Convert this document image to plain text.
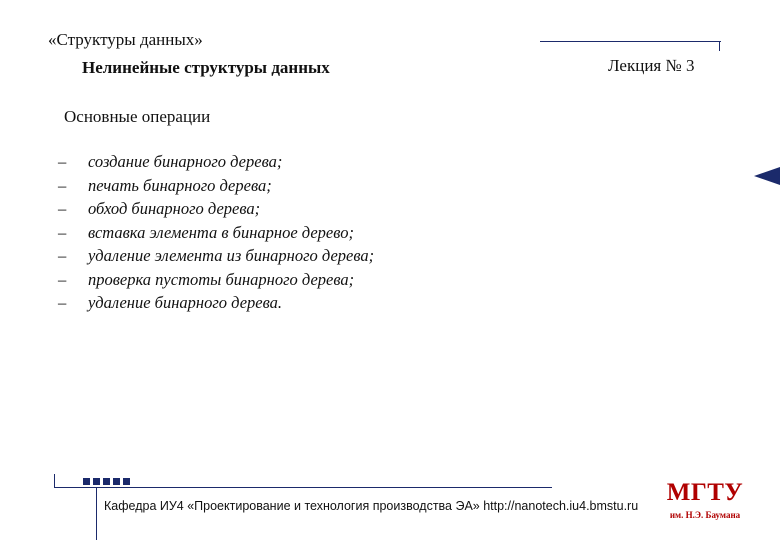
«Структуры данных»
Нелинейные структуры данных	Лекция № 3
Основные операции
– создание бинарного дерева;
– печать бинарного дерева;
– обход бинарного дерева;
– вставка элемента в бинарное дерево;
– удаление элемента из бинарного дерева;
– проверка пустоты бинарного дерева;
– удаление бинарного дерева.
Кафедра ИУ4 «Проектирование и технология производства ЭА» http://nanotech.iu4.bmstu.ru МГТУ
им. Н.Э. Баумана
